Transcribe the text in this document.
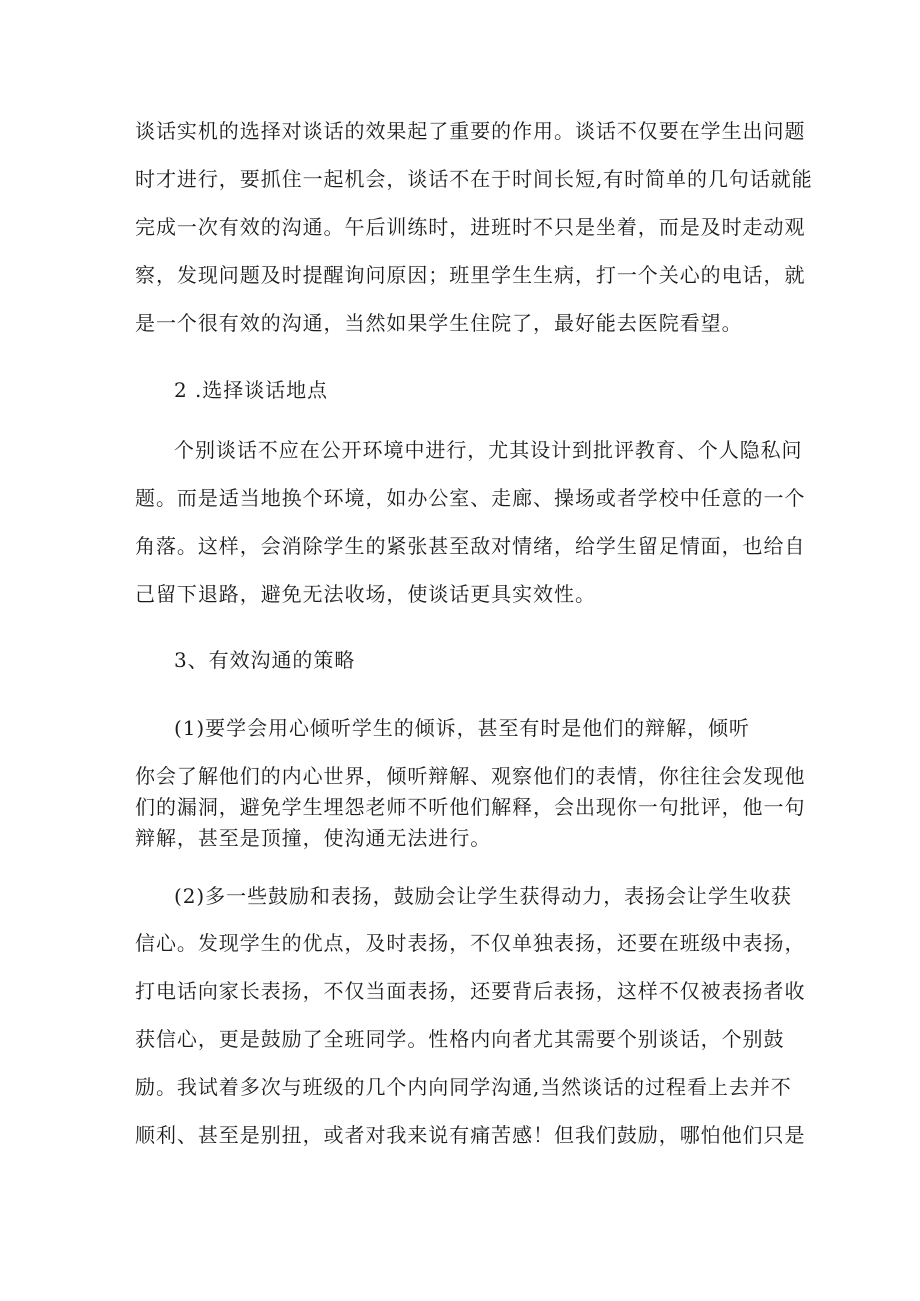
谈话实机的选择对谈话的效果起了重要的作用。谈话不仅要在学生出问题

时才进行，要抓住一起机会，谈话不在于时间长短,有时简单的几句话就能

完成一次有效的沟通。午后训练时，进班时不只是坐着，而是及时走动观

察，发现问题及时提醒询问原因；班里学生生病，打一个关心的电话，就

是一个很有效的沟通，当然如果学生住院了，最好能去医院看望。

2 .选择谈话地点

个别谈话不应在公开环境中进行，尤其设计到批评教育、个人隐私问

题。而是适当地换个环境，如办公室、走廊、操场或者学校中任意的一个

角落。这样，会消除学生的紧张甚至敌对情绪，给学生留足情面，也给自

己留下退路，避免无法收场，使谈话更具实效性。

3、有效沟通的策略

(1)要学会用心倾听学生的倾诉，甚至有时是他们的辩解，倾听

你会了解他们的内心世界，倾听辩解、观察他们的表情，你往往会发现他

们的漏洞，避免学生埋怨老师不听他们解释，会出现你一句批评，他一句

辩解，甚至是顶撞，使沟通无法进行。

(2)多一些鼓励和表扬，鼓励会让学生获得动力，表扬会让学生收获

信心。发现学生的优点，及时表扬，不仅单独表扬，还要在班级中表扬，

打电话向家长表扬，不仅当面表扬，还要背后表扬，这样不仅被表扬者收

获信心，更是鼓励了全班同学。性格内向者尤其需要个别谈话，个别鼓

励。我试着多次与班级的几个内向同学沟通,当然谈话的过程看上去并不

顺利、甚至是别扭，或者对我来说有痛苦感！但我们鼓励，哪怕他们只是
